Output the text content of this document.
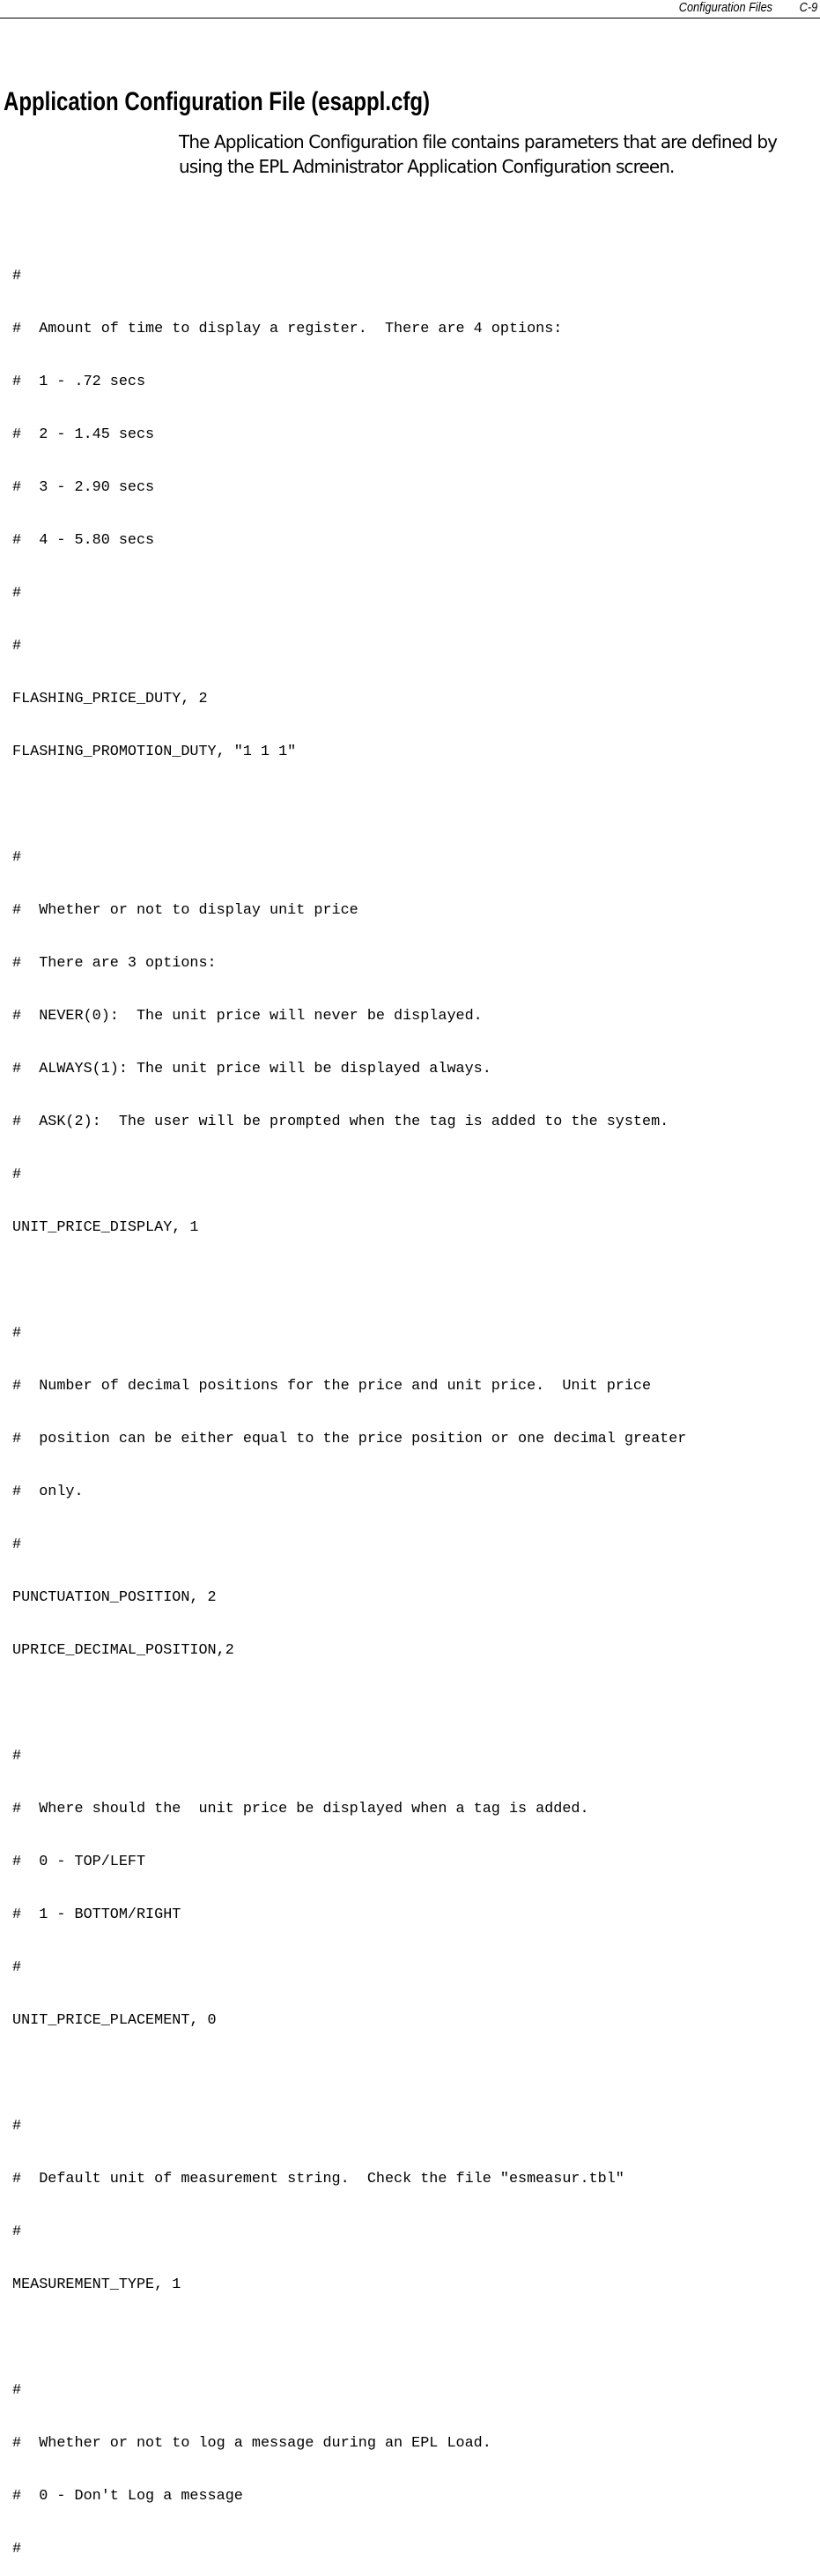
Configuration Files C-9
Application Configuration File (esappl.cfg)

The Application Configuration file contains parameters that are defined by using the EPL Administrator Application Configuration screen.

#

#  Amount of time to display a register.  There are 4 options:

#  1 - .72 secs

#  2 - 1.45 secs

#  3 - 2.90 secs

#  4 - 5.80 secs

#

#

FLASHING_PRICE_DUTY, 2

FLASHING_PROMOTION_DUTY, "1 1 1"

#

#  Whether or not to display unit price

#  There are 3 options:

#  NEVER(0):  The unit price will never be displayed.

#  ALWAYS(1): The unit price will be displayed always.

#  ASK(2):  The user will be prompted when the tag is added to the system.

#

UNIT_PRICE_DISPLAY, 1

#

#  Number of decimal positions for the price and unit price.  Unit price

#  position can be either equal to the price position or one decimal greater

#  only.

#

PUNCTUATION_POSITION, 2

UPRICE_DECIMAL_POSITION,2

#

#  Where should the  unit price be displayed when a tag is added.

#  0 - TOP/LEFT

#  1 - BOTTOM/RIGHT

#

UNIT_PRICE_PLACEMENT, 0

#

#  Default unit of measurement string.  Check the file "esmeasur.tbl"

#

MEASUREMENT_TYPE, 1

#

#  Whether or not to log a message during an EPL Load.

#  0 - Don't Log a message

#
